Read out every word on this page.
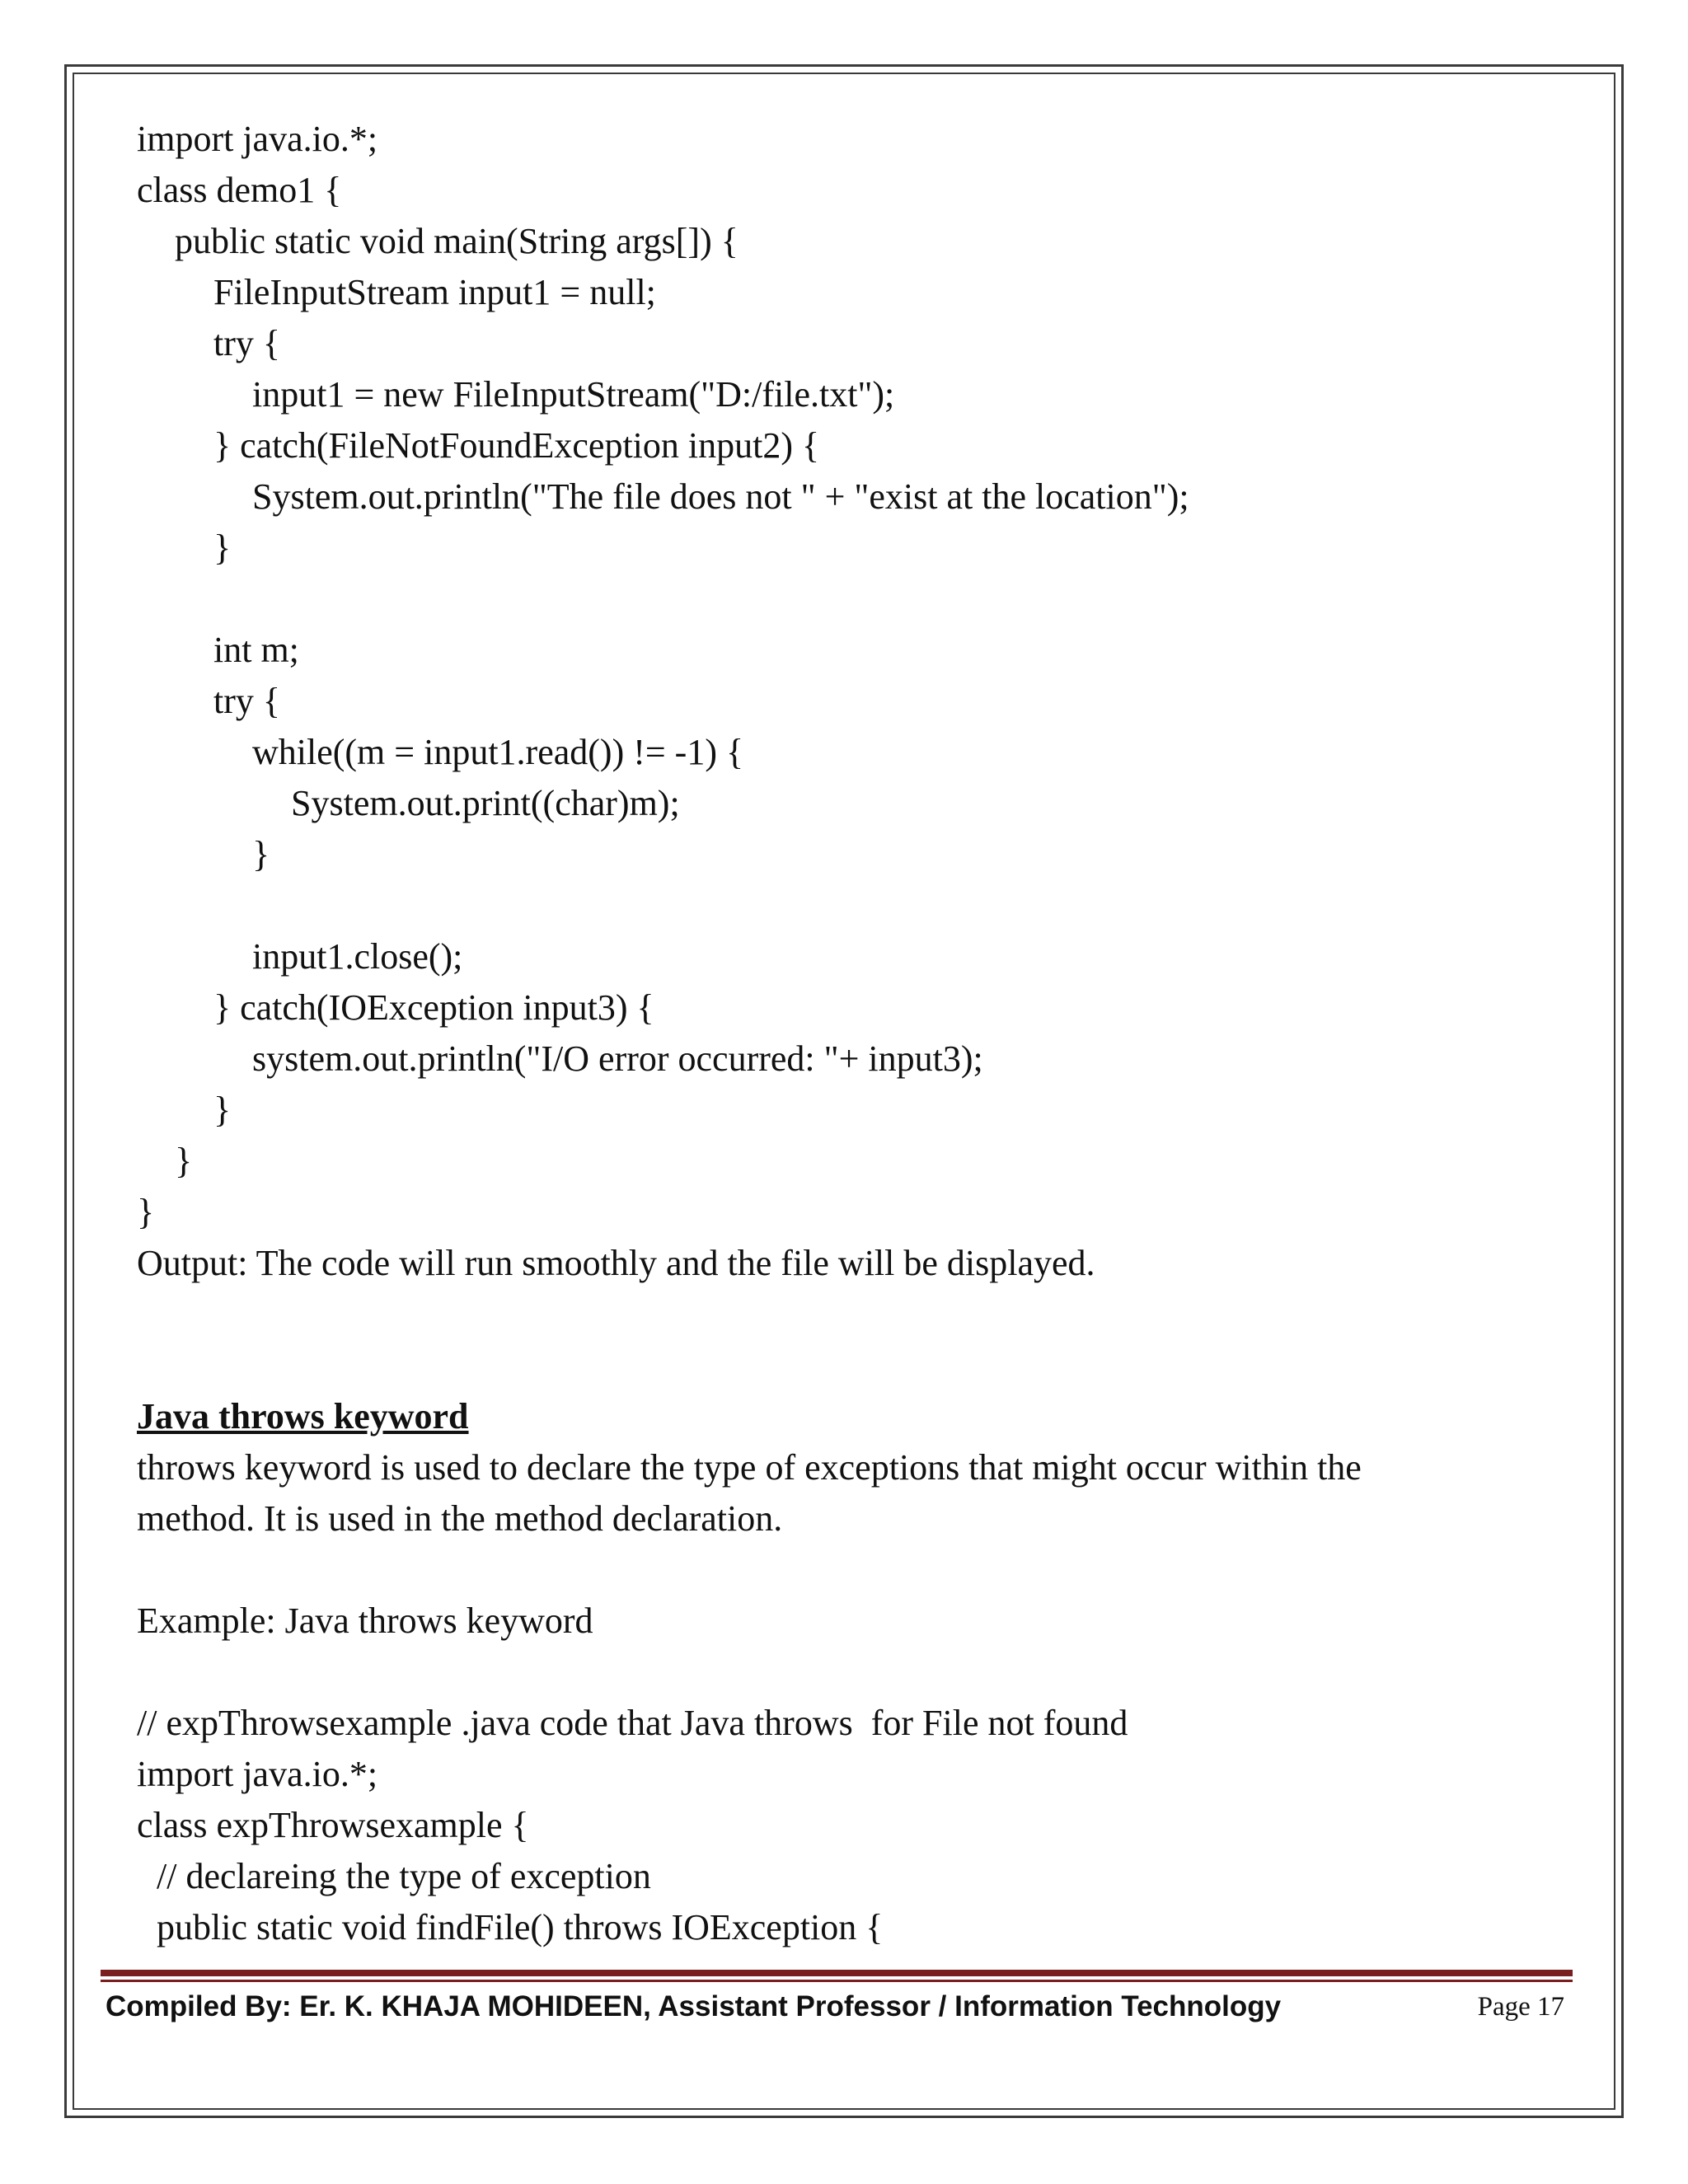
import java.io.*;
class demo1 {
public static void main(String args[]) {
FileInputStream input1 = null;
try {
input1 = new FileInputStream("D:/file.txt");
} catch(FileNotFoundException input2) {
System.out.println("The file does not " + "exist at the location");
}
int m;
try {
while((m = input1.read()) != -1) {
System.out.print((char)m);
}
input1.close();
} catch(IOException input3) {
system.out.println("I/O error occurred: "+ input3);
}
}
}
Output: The code will run smoothly and the file will be displayed.
Java throws keyword
throws keyword is used to declare the type of exceptions that might occur within the
method. It is used in the method declaration.
Example: Java throws keyword
// expThrowsexample .java code that Java throws  for File not found
import java.io.*;
class expThrowsexample {
// declareing the type of exception
public static void findFile() throws IOException {
Compiled By: Er. K. KHAJA MOHIDEEN, Assistant Professor / Information Technology	Page 17
